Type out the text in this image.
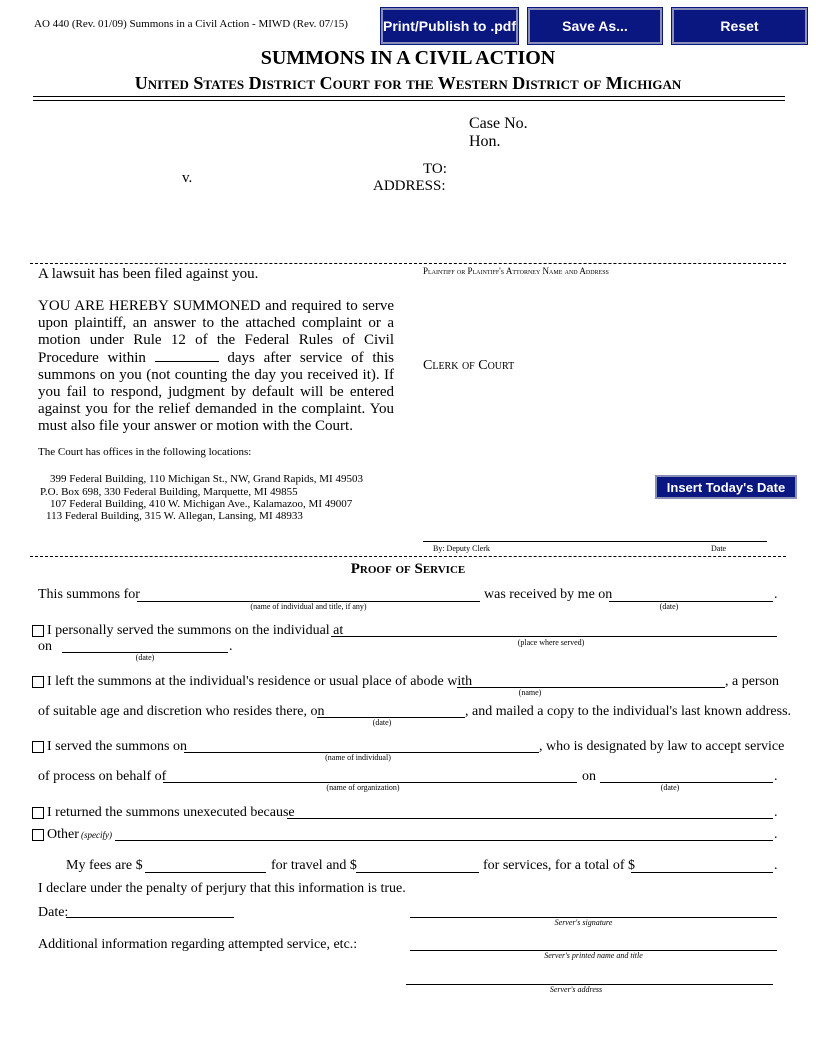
AO 440 (Rev. 01/09) Summons in a Civil Action - MIWD (Rev. 07/15)	Print/Publish to .pdf	Save As...	Reset
SUMMONS IN A CIVIL ACTION
United States District Court for the Western District of Michigan
Case No.
Hon.
TO:
v.	ADDRESS:
A lawsuit has been filed against you.	Plaintiff or Plaintiff's Attorney Name and Address
YOU ARE HEREBY SUMMONED and required to serve upon plaintiff, an answer to the attached complaint or a motion under Rule 12 of the Federal Rules of Civil Procedure within	days after service of this summons on you (not counting the day you received it). If you fail to respond, judgment by default will be entered against you for the relief demanded in the complaint. You must also file your answer or motion with the Court.
Clerk of Court
The Court has offices in the following locations:
399 Federal Building, 110 Michigan St., NW, Grand Rapids, MI 49503
P.O. Box 698, 330 Federal Building, Marquette, MI 49855
107 Federal Building, 410 W. Michigan Ave., Kalamazoo, MI 49007
113 Federal Building, 315 W. Allegan, Lansing, MI 48933
Insert Today's Date
By: Deputy Clerk	Date
Proof of Service
This summons for
(name of individual and title, if any)
was received by me on
(date)
.
I personally served the summons on the individual at
(place where served)
on
(date)
.
I left the summons at the individual's residence or usual place of abode with
(name)
, a person
of suitable age and discretion who resides there, on
(date)
, and mailed a copy to the individual's last known address.
I served the summons on
(name of individual)
, who is designated by law to accept service
of process on behalf of
(name of organization)
on
(date)
.
I returned the summons unexecuted because	.
Other (specify)	.
My fees are $	for travel and $	for services, for a total of $	.
I declare under the penalty of perjury that this information is true.
Date:
Server's signature
Additional information regarding attempted service, etc.:
Server's printed name and title
Server's address
